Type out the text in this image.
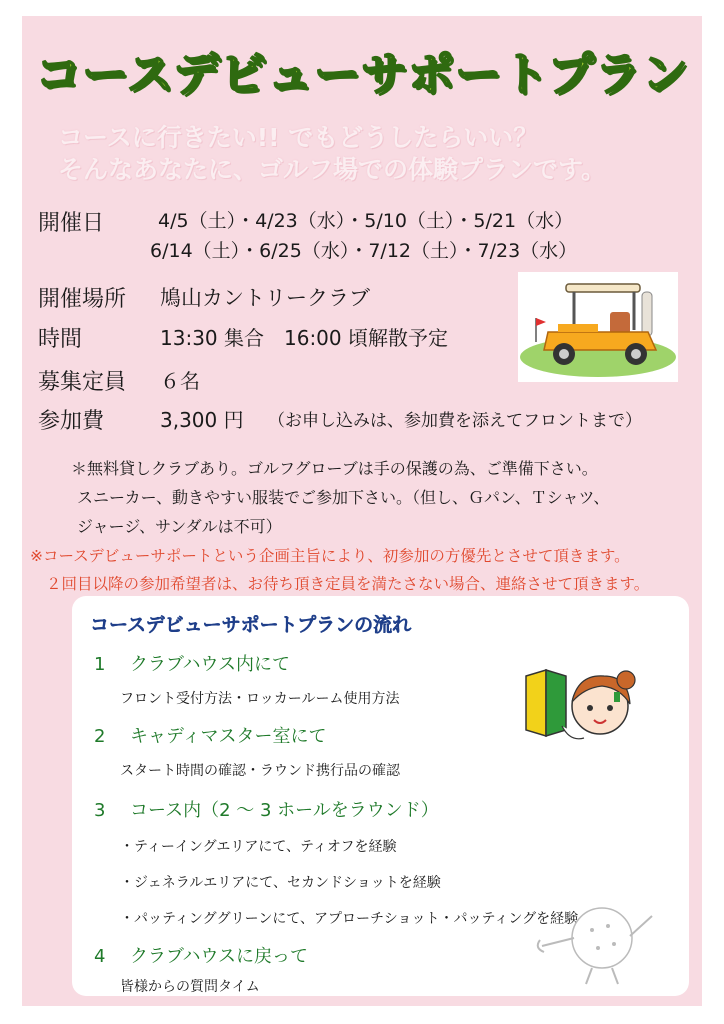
コースデビューサポートプラン
コースに行きたい!! でもどうしたらいい？
そんなあなたに、ゴルフ場での体験プランです。
開催日	4/5（土）・4/23（水）・5/10（土）・5/21（水）
6/14（土）・6/25（水）・7/12（土）・7/23（水）
開催場所 鳩山カントリークラブ
時間	13:30 集合　16:00 頃解散予定
募集定員 ６名
参加費	3,300 円 （お申し込みは、参加費を添えてフロントまで）
＊無料貸しクラブあり。ゴルフグローブは手の保護の為、ご準備下さい。
スニーカー、動きやすい服装でご参加下さい。（但し、Ｇパン、Ｔシャツ、
ジャージ、サンダルは不可）
※コースデビューサポートという企画主旨により、初参加の方優先とさせて頂きます。
２回目以降の参加希望者は、お待ち頂き定員を満たさない場合、連絡させて頂きます。
コースデビューサポートプランの流れ
1 クラブハウス内にて
フロント受付方法・ロッカールーム使用方法
2 キャディマスター室にて
スタート時間の確認・ラウンド携行品の確認
3 コース内（2 ～ 3 ホールをラウンド）
・ティーイングエリアにて、ティオフを経験
・ジェネラルエリアにて、セカンドショットを経験
・パッティンググリーンにて、アプローチショット・パッティングを経験
4 クラブハウスに戻って
皆様からの質問タイム
